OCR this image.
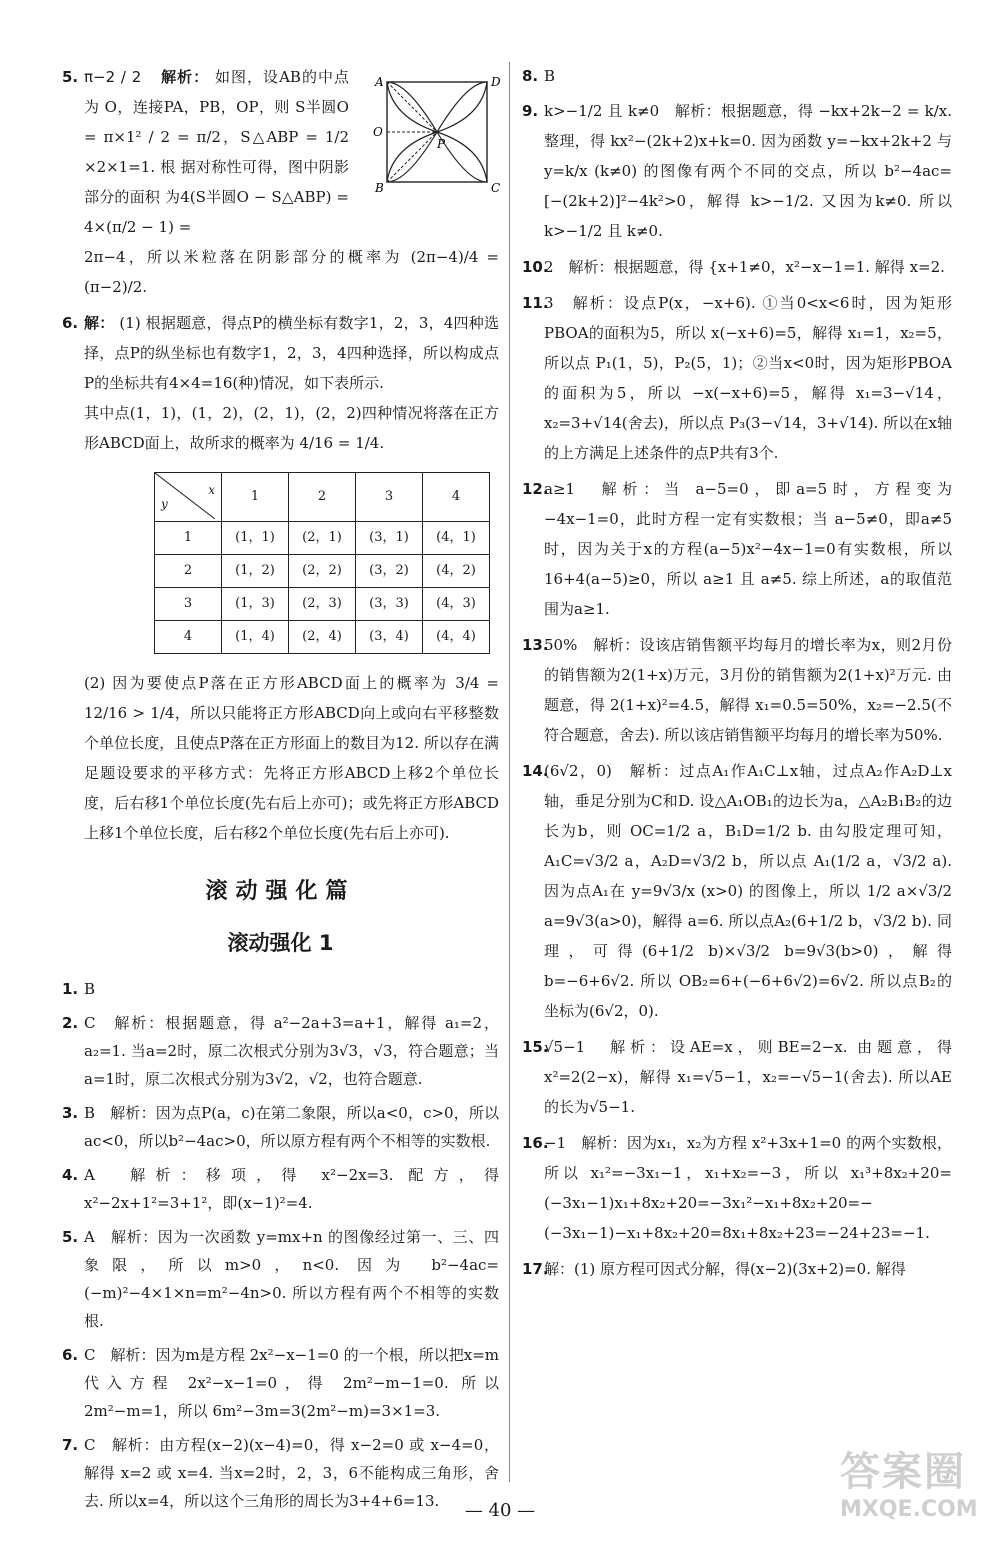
5. π−2 / 2 解析： 如图，设AB的中点为 O，连接PA，PB，OP，则 S半圆O = π×1² / 2 = π/2，S△ABP = 1/2 ×2×1=1. 根 据对称性可得，图中阴影部分的面积 为4(S半圆O − S△ABP) = 4×(π/2 − 1) =

A	D
O
P
B	C

2π−4，所以米粒落在阴影部分的概率为 (2π−4)/4 = (π−2)/2.

6. 解： (1) 根据题意，得点P的横坐标有数字1，2，3，4四种选择，点P的纵坐标也有数字1，2，3，4四种选择，所以构成点P的坐标共有4×4=16(种)情况，如下表所示.

其中点(1，1)，(1，2)，(2，1)，(2，2)四种情况将落在正方形ABCD面上，故所求的概率为 4/16 = 1/4.

x
y	1	2	3	4
1	(1，1)	(2，1)	(3，1)	(4，1)
2	(1，2)	(2，2)	(3，2)	(4，2)
3	(1，3)	(2，3)	(3，3)	(4，3)
4	(1，4)	(2，4)	(3，4)	(4，4)

(2) 因为要使点P落在正方形ABCD面上的概率为 3/4 = 12/16 > 1/4，所以只能将正方形ABCD向上或向右平移整数个单位长度，且使点P落在正方形面上的数目为12. 所以存在满足题设要求的平移方式：先将正方形ABCD上移2个单位长度，后右移1个单位长度(先右后上亦可)；或先将正方形ABCD上移1个单位长度，后右移2个单位长度(先右后上亦可).

滚动强化篇
滚动强化 1
1. B

2. C　解析：根据题意，得 a²−2a+3=a+1，解得 a₁=2，a₂=1. 当a=2时，原二次根式分别为3√3，√3，符合题意；当a=1时，原二次根式分别为3√2，√2，也符合题意.

3. B　解析：因为点P(a，c)在第二象限，所以a<0，c>0，所以ac<0，所以b²−4ac>0，所以原方程有两个不相等的实数根.

4. A　解析：移项，得 x²−2x=3. 配方，得 x²−2x+1²=3+1²，即(x−1)²=4.

5. A　解析：因为一次函数 y=mx+n 的图像经过第一、三、四象限，所以m>0，n<0. 因为 b²−4ac=(−m)²−4×1×n=m²−4n>0. 所以方程有两个不相等的实数根.

6. C　解析：因为m是方程 2x²−x−1=0 的一个根，所以把x=m代入方程 2x²−x−1=0，得 2m²−m−1=0. 所以 2m²−m=1，所以 6m²−3m=3(2m²−m)=3×1=3.

7. C　解析：由方程(x−2)(x−4)=0，得 x−2=0 或 x−4=0，解得 x=2 或 x=4. 当x=2时，2，3，6不能构成三角形，舍去. 所以x=4，所以这个三角形的周长为3+4+6=13.

8. B

9. k>−1/2 且 k≠0　解析：根据题意，得 −kx+2k−2 = k/x. 整理，得 kx²−(2k+2)x+k=0. 因为函数 y=−kx+2k+2 与 y=k/x (k≠0) 的图像有两个不同的交点，所以 b²−4ac=[−(2k+2)]²−4k²>0，解得 k>−1/2. 又因为k≠0. 所以 k>−1/2 且 k≠0.

10.

2　解析：根据题意，得 {x+1≠0，x²−x−1=1. 解得 x=2.

11.

3　解析：设点P(x，−x+6). ①当0<x<6时，因为矩形PBOA的面积为5，所以 x(−x+6)=5，解得 x₁=1，x₂=5，所以点 P₁(1，5)，P₂(5，1)；②当x<0时，因为矩形PBOA的面积为5，所以 −x(−x+6)=5，解得 x₁=3−√14，x₂=3+√14(舍去)，所以点 P₃(3−√14，3+√14). 所以在x轴的上方满足上述条件的点P共有3个.

12.

a≥1　解析：当 a−5=0，即a=5时，方程变为 −4x−1=0，此时方程一定有实数根；当 a−5≠0，即a≠5时，因为关于x的方程(a−5)x²−4x−1=0有实数根，所以16+4(a−5)≥0，所以 a≥1 且 a≠5. 综上所述，a的取值范围为a≥1.

13.

50%　解析：设该店销售额平均每月的增长率为x，则2月份的销售额为2(1+x)万元，3月份的销售额为2(1+x)²万元. 由题意，得 2(1+x)²=4.5，解得 x₁=0.5=50%，x₂=−2.5(不符合题意，舍去). 所以该店销售额平均每月的增长率为50%.

14.

(6√2，0)　解析：过点A₁作A₁C⊥x轴，过点A₂作A₂D⊥x轴，垂足分别为C和D. 设△A₁OB₁的边长为a，△A₂B₁B₂的边长为b，则 OC=1/2 a，B₁D=1/2 b. 由勾股定理可知，A₁C=√3/2 a，A₂D=√3/2 b，所以点 A₁(1/2 a，√3/2 a). 因为点A₁在 y=9√3/x (x>0) 的图像上，所以 1/2 a×√3/2 a=9√3(a>0)，解得 a=6. 所以点A₂(6+1/2 b，√3/2 b). 同理，可得(6+1/2 b)×√3/2 b=9√3(b>0)，解得 b=−6+6√2. 所以 OB₂=6+(−6+6√2)=6√2. 所以点B₂的坐标为(6√2，0).

15.

√5−1　解析：设AE=x，则BE=2−x. 由题意，得 x²=2(2−x)，解得 x₁=√5−1，x₂=−√5−1(舍去). 所以AE的长为√5−1.

16.

−1　解析：因为x₁，x₂为方程 x²+3x+1=0 的两个实数根，所以 x₁²=−3x₁−1，x₁+x₂=−3，所以 x₁³+8x₂+20=(−3x₁−1)x₁+8x₂+20=−3x₁²−x₁+8x₂+20=−(−3x₁−1)−x₁+8x₂+20=8x₁+8x₂+23=−24+23=−1.

17.

解：(1) 原方程可因式分解，得(x−2)(3x+2)=0. 解得

— 40 —
答案圈
MXQE.COM
